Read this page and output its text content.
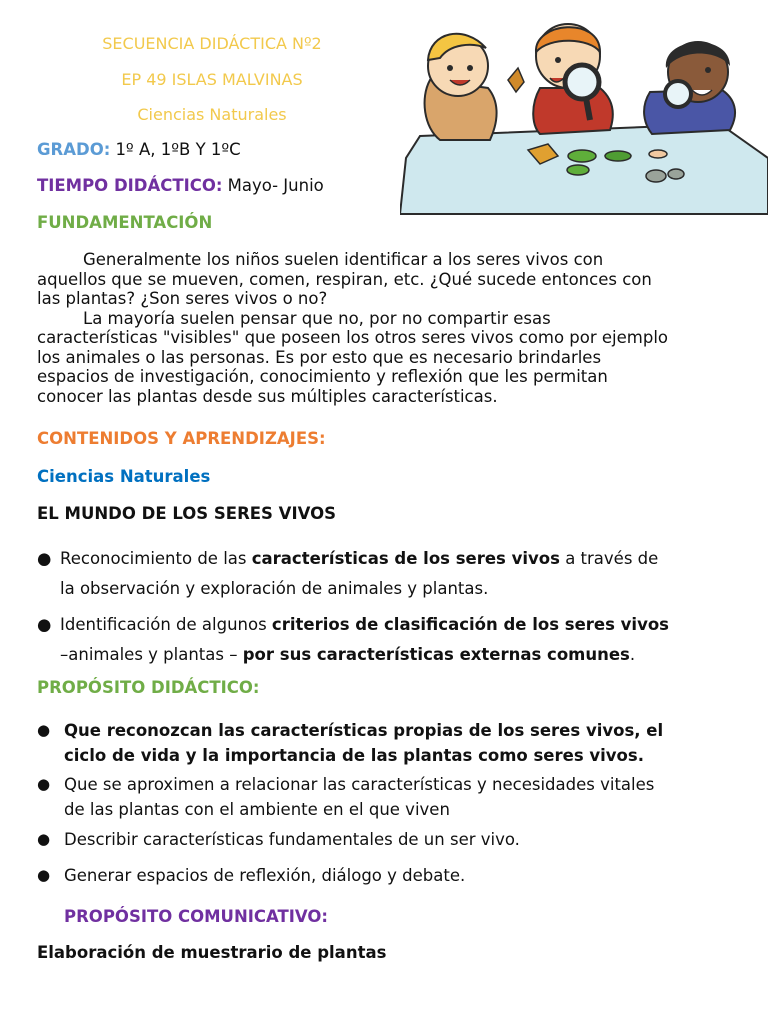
SECUENCIA DIDÁCTICA Nº2
EP 49 ISLAS MALVINAS
Ciencias Naturales
GRADO: 1º A, 1ºB Y 1ºC
TIEMPO DIDÁCTICO: Mayo- Junio
FUNDAMENTACIÓN
Generalmente los niños suelen identificar a los seres vivos con
aquellos que se mueven, comen, respiran, etc. ¿Qué sucede entonces con
las plantas? ¿Son seres vivos o no?
La mayoría suelen pensar que no, por no compartir esas
características "visibles" que poseen los otros seres vivos como por ejemplo
los animales o las personas. Es por esto que es necesario brindarles
espacios de investigación, conocimiento y reflexión que les permitan
conocer las plantas desde sus múltiples características.
CONTENIDOS Y APRENDIZAJES:
Ciencias Naturales
EL MUNDO DE LOS SERES VIVOS
● Reconocimiento de las características de los seres vivos a través de
la observación y exploración de animales y plantas.
● Identificación de algunos criterios de clasificación de los seres vivos
–animales y plantas – por sus características externas comunes.
PROPÓSITO DIDÁCTICO:
● Que reconozcan las características propias de los seres vivos, el
ciclo de vida y la importancia de las plantas como seres vivos.
● Que se aproximen a relacionar las características y necesidades vitales
de las plantas con el ambiente en el que viven
● Describir características fundamentales de un ser vivo.
● Generar espacios de reflexión, diálogo y debate.
PROPÓSITO COMUNICATIVO:
Elaboración de muestrario de plantas
